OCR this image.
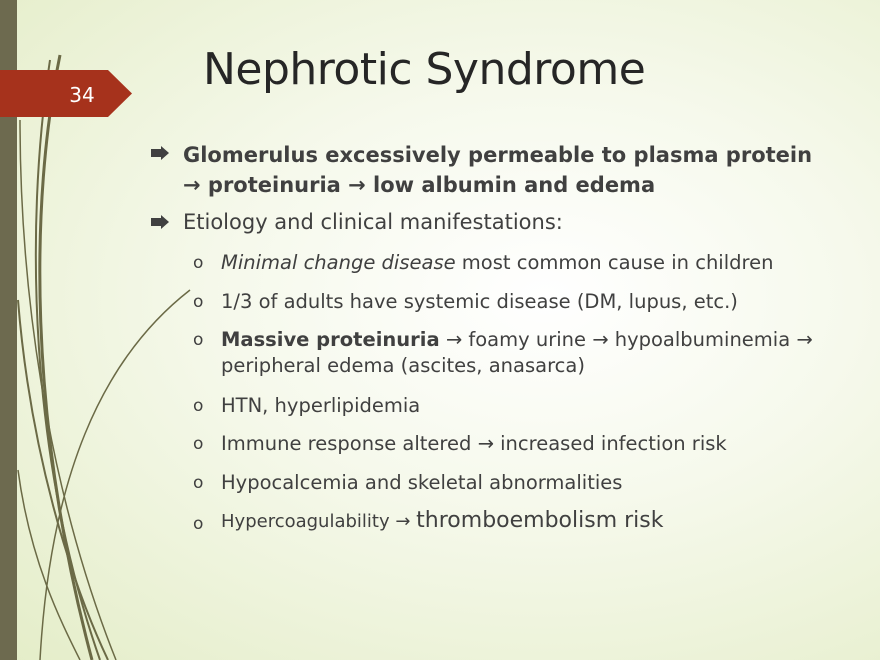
34 Nephrotic Syndrome
Glomerulus excessively permeable to plasma protein
→ proteinuria → low albumin and edema
Etiology and clinical manifestations:
o Minimal change disease most common cause in children
o 1/3 of adults have systemic disease (DM, lupus, etc.)
o Massive proteinuria → foamy urine → hypoalbuminemia →
peripheral edema (ascites, anasarca)
o HTN, hyperlipidemia
o Immune response altered → increased infection risk
o Hypocalcemia and skeletal abnormalities
o Hypercoagulability → thromboembolism risk
